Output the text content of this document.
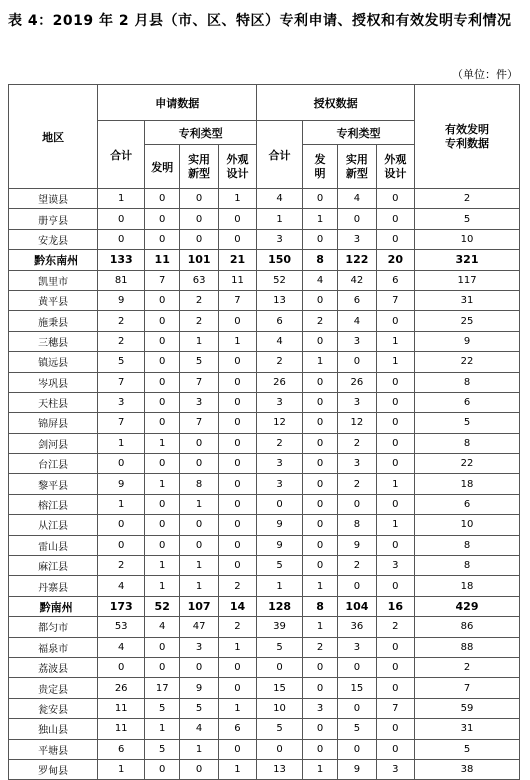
表 4：2019 年 2 月县（市、区、特区）专利申请、授权和有效发明专利情况
（单位：件）
地区	申请数据				授权数据				有效发明专利数据
	合计	专利类型			合计	专利类型			
		发明	实用新型	外观设计		发明	实用新型	外观设计	
望谟县	1	0	0	1	4	0	4	0	2
册亨县	0	0	0	0	1	1	0	0	5
安龙县	0	0	0	0	3	0	3	0	10
黔东南州	133	11	101	21	150	8	122	20	321
凯里市	81	7	63	11	52	4	42	6	117
黄平县	9	0	2	7	13	0	6	7	31
施秉县	2	0	2	0	6	2	4	0	25
三穗县	2	0	1	1	4	0	3	1	9
镇远县	5	0	5	0	2	1	0	1	22
岑巩县	7	0	7	0	26	0	26	0	8
天柱县	3	0	3	0	3	0	3	0	6
锦屏县	7	0	7	0	12	0	12	0	5
剑河县	1	1	0	0	2	0	2	0	8
台江县	0	0	0	0	3	0	3	0	22
黎平县	9	1	8	0	3	0	2	1	18
榕江县	1	0	1	0	0	0	0	0	6
从江县	0	0	0	0	9	0	8	1	10
雷山县	0	0	0	0	9	0	9	0	8
麻江县	2	1	1	0	5	0	2	3	8
丹寨县	4	1	1	2	1	1	0	0	18
黔南州	173	52	107	14	128	8	104	16	429
都匀市	53	4	47	2	39	1	36	2	86
福泉市	4	0	3	1	5	2	3	0	88
荔波县	0	0	0	0	0	0	0	0	2
贵定县	26	17	9	0	15	0	15	0	7
瓮安县	11	5	5	1	10	3	0	7	59
独山县	11	1	4	6	5	0	5	0	31
平塘县	6	5	1	0	0	0	0	0	5
罗甸县	1	0	0	1	13	1	9	3	38
